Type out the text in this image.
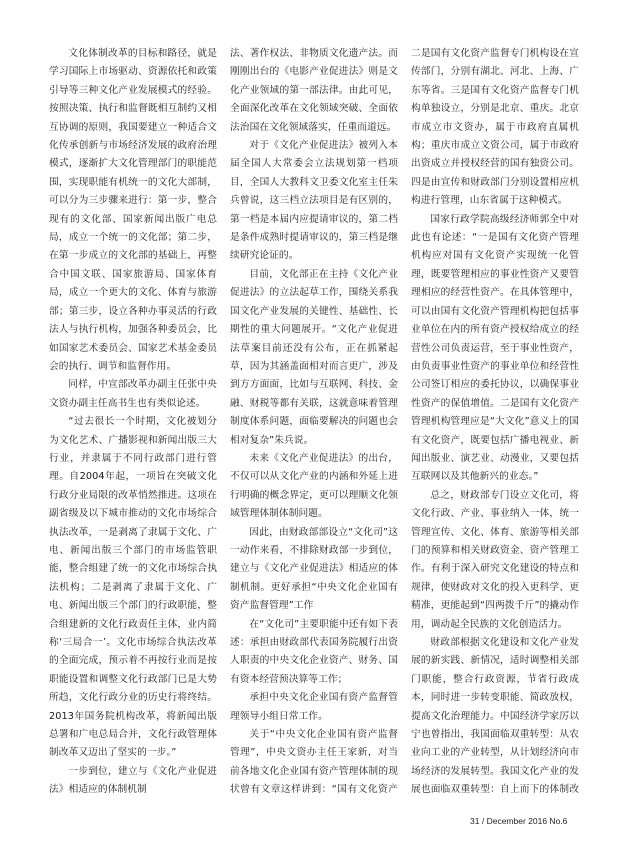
文化体制改革的目标和路径，就是学习国际上市场驱动、资源依托和政策引导等三种文化产业发展模式的经验。按照决策、执行和监督既相互制约又相互协调的原则，我国要建立一种适合文化传承创新与市场经济发展的政府治理模式，逐渐扩大文化管理部门的职能范围，实现职能有机统一的文化大部制，可以分为三步骤来进行：第一步，整合现有的文化部、国家新闻出版广电总局，成立一个统一的文化部；第二步，在第一步成立的文化部的基础上，再整合中国文联、国家旅游局、国家体育局，成立一个更大的文化、体育与旅游部；第三步，设立各种办事灵活的行政法人与执行机构，加强各种委员会，比如国家艺术委员会、国家艺术基金委员会的执行、调节和监督作用。

同样，中宣部改革办副主任张中央文资办副主任高书生也有类似论述。

“过去很长一个时期，文化被划分为文化艺术、广播影视和新闻出版三大行业，并隶属于不同行政部门进行管理。自2004年起，一项旨在突破文化行政分业局限的改革悄然推进。这项在副省级及以下城市推动的文化市场综合执法改革，一是剥离了隶属于文化、广电、新闻出版三个部门的市场监管职能，整合组建了统一的文化市场综合执法机构；二是剥离了隶属于文化、广电、新闻出版三个部门的行政职能，整合组建新的文化行政责任主体，业内简称‘三局合一’。文化市场综合执法改革的全面完成，预示着不再按行业而是按职能设置和调整文化行政部门已是大势所趋，文化行政分业的历史行将终结。2013年国务院机构改革，将新闻出版总署和广电总局合并，文化行政管理体制改革又迈出了坚实的一步。”

一步到位，建立与《文化产业促进法》相适应的体制机制

法、著作权法、非物质文化遗产法。而刚刚出台的《电影产业促进法》则是文化产业领域的第一部法律。由此可见，全面深化改革在文化领域突破、全面依法治国在文化领域落实，任重而道远。

对于《文化产业促进法》被列入本届全国人大常委会立法规划第一档项目，全国人大教科文卫委文化室主任朱兵曾说，这三档立法项目是有区别的，第一档是本届内应提请审议的，第二档是条件成熟时提请审议的，第三档是继续研究论证的。

目前，文化部正在主持《文化产业促进法》的立法起草工作，围绕关系我国文化产业发展的关键性、基础性、长期性的重大问题展开。“文化产业促进法草案目前还没有公布，正在抓紧起草，因为其涵盖面相对而言更广，涉及到方方面面，比如与互联网、科技、金融、财税等都有关联，这就意味着管理制度体系问题，面临要解决的问题也会相对复杂”朱兵说。

未来《文化产业促进法》的出台，不仅可以从文化产业的内涵和外延上进行明确的概念界定，更可以理顺文化领域管理体制体制问题。

因此，由财政部部设立“文化司”这一动作来看，不排除财政部一步到位，建立与《文化产业促进法》相适应的体制机制。更好承担“中央文化企业国有资产监督管理”工作

在“文化司”主要职能中还有如下表述：承担由财政部代表国务院履行出资人职责的中央文化企业资产、财务、国有资本经营预决算等工作；

承担中央文化企业国有资产监督管理领导小组日常工作。

关于“中央文化企业国有资产监督管理”，中央文资办主任王家新，对当前各地文化企业国有资产管理体制的现状曾有文章这样讲到：“国有文化资产

二是国有文化资产监督专门机构设在宣传部门，分别有湖北、河北、上海、广东等省。三是国有文化资产监督专门机构单独设立，分别是北京、重庆。北京市成立市文资办，属于市政府直属机构；重庆市成立文资公司，属于市政府出资成立并授权经营的国有独资公司。四是由宣传和财政部门分别设置相应机构进行管理，山东省属于这种模式。

国家行政学院高级经济师郭全中对此也有论述：“一是国有文化资产管理机构应对国有文化资产实现统一化管理，既要管理相应的事业性资产又要管理相应的经营性资产。在具体管理中，可以由国有文化资产管理机构把包括事业单位在内的所有资产授权给成立的经营性公司负责运营，至于事业性资产，由负责事业性资产的事业单位和经营性公司签订相应的委托协议，以确保事业性资产的保值增值。二是国有文化资产管理机构管理应是“大文化”意义上的国有文化资产，既要包括广播电视业、新闻出版业、演艺业、动漫业，又要包括互联网以及其他新兴的业态。”

总之，财政部专门设立文化司，将文化行政、产业、事业纳入一体，统一管理宣传、文化、体育、旅游等相关部门的预算和相关财政资金、资产管理工作。有利于深入研究文化建设的特点和规律，使财政对文化的投入更科学、更精准，更能起到“四两拨千斤”的撬动作用，调动起全民族的文化创造活力。

财政部根据文化建设和文化产业发展的新实践、新情况，适时调整相关部门职能，整合行政资源，节省行政成本，同时进一步转变职能、简政放权，提高文化治理能力。中国经济学家厉以宁也曾指出，我国面临双重转型：从农业向工业的产业转型，从计划经济向市场经济的发展转型。我国文化产业的发展也面临双重转型：自上而下的体制改

31 / December 2016 No.6
